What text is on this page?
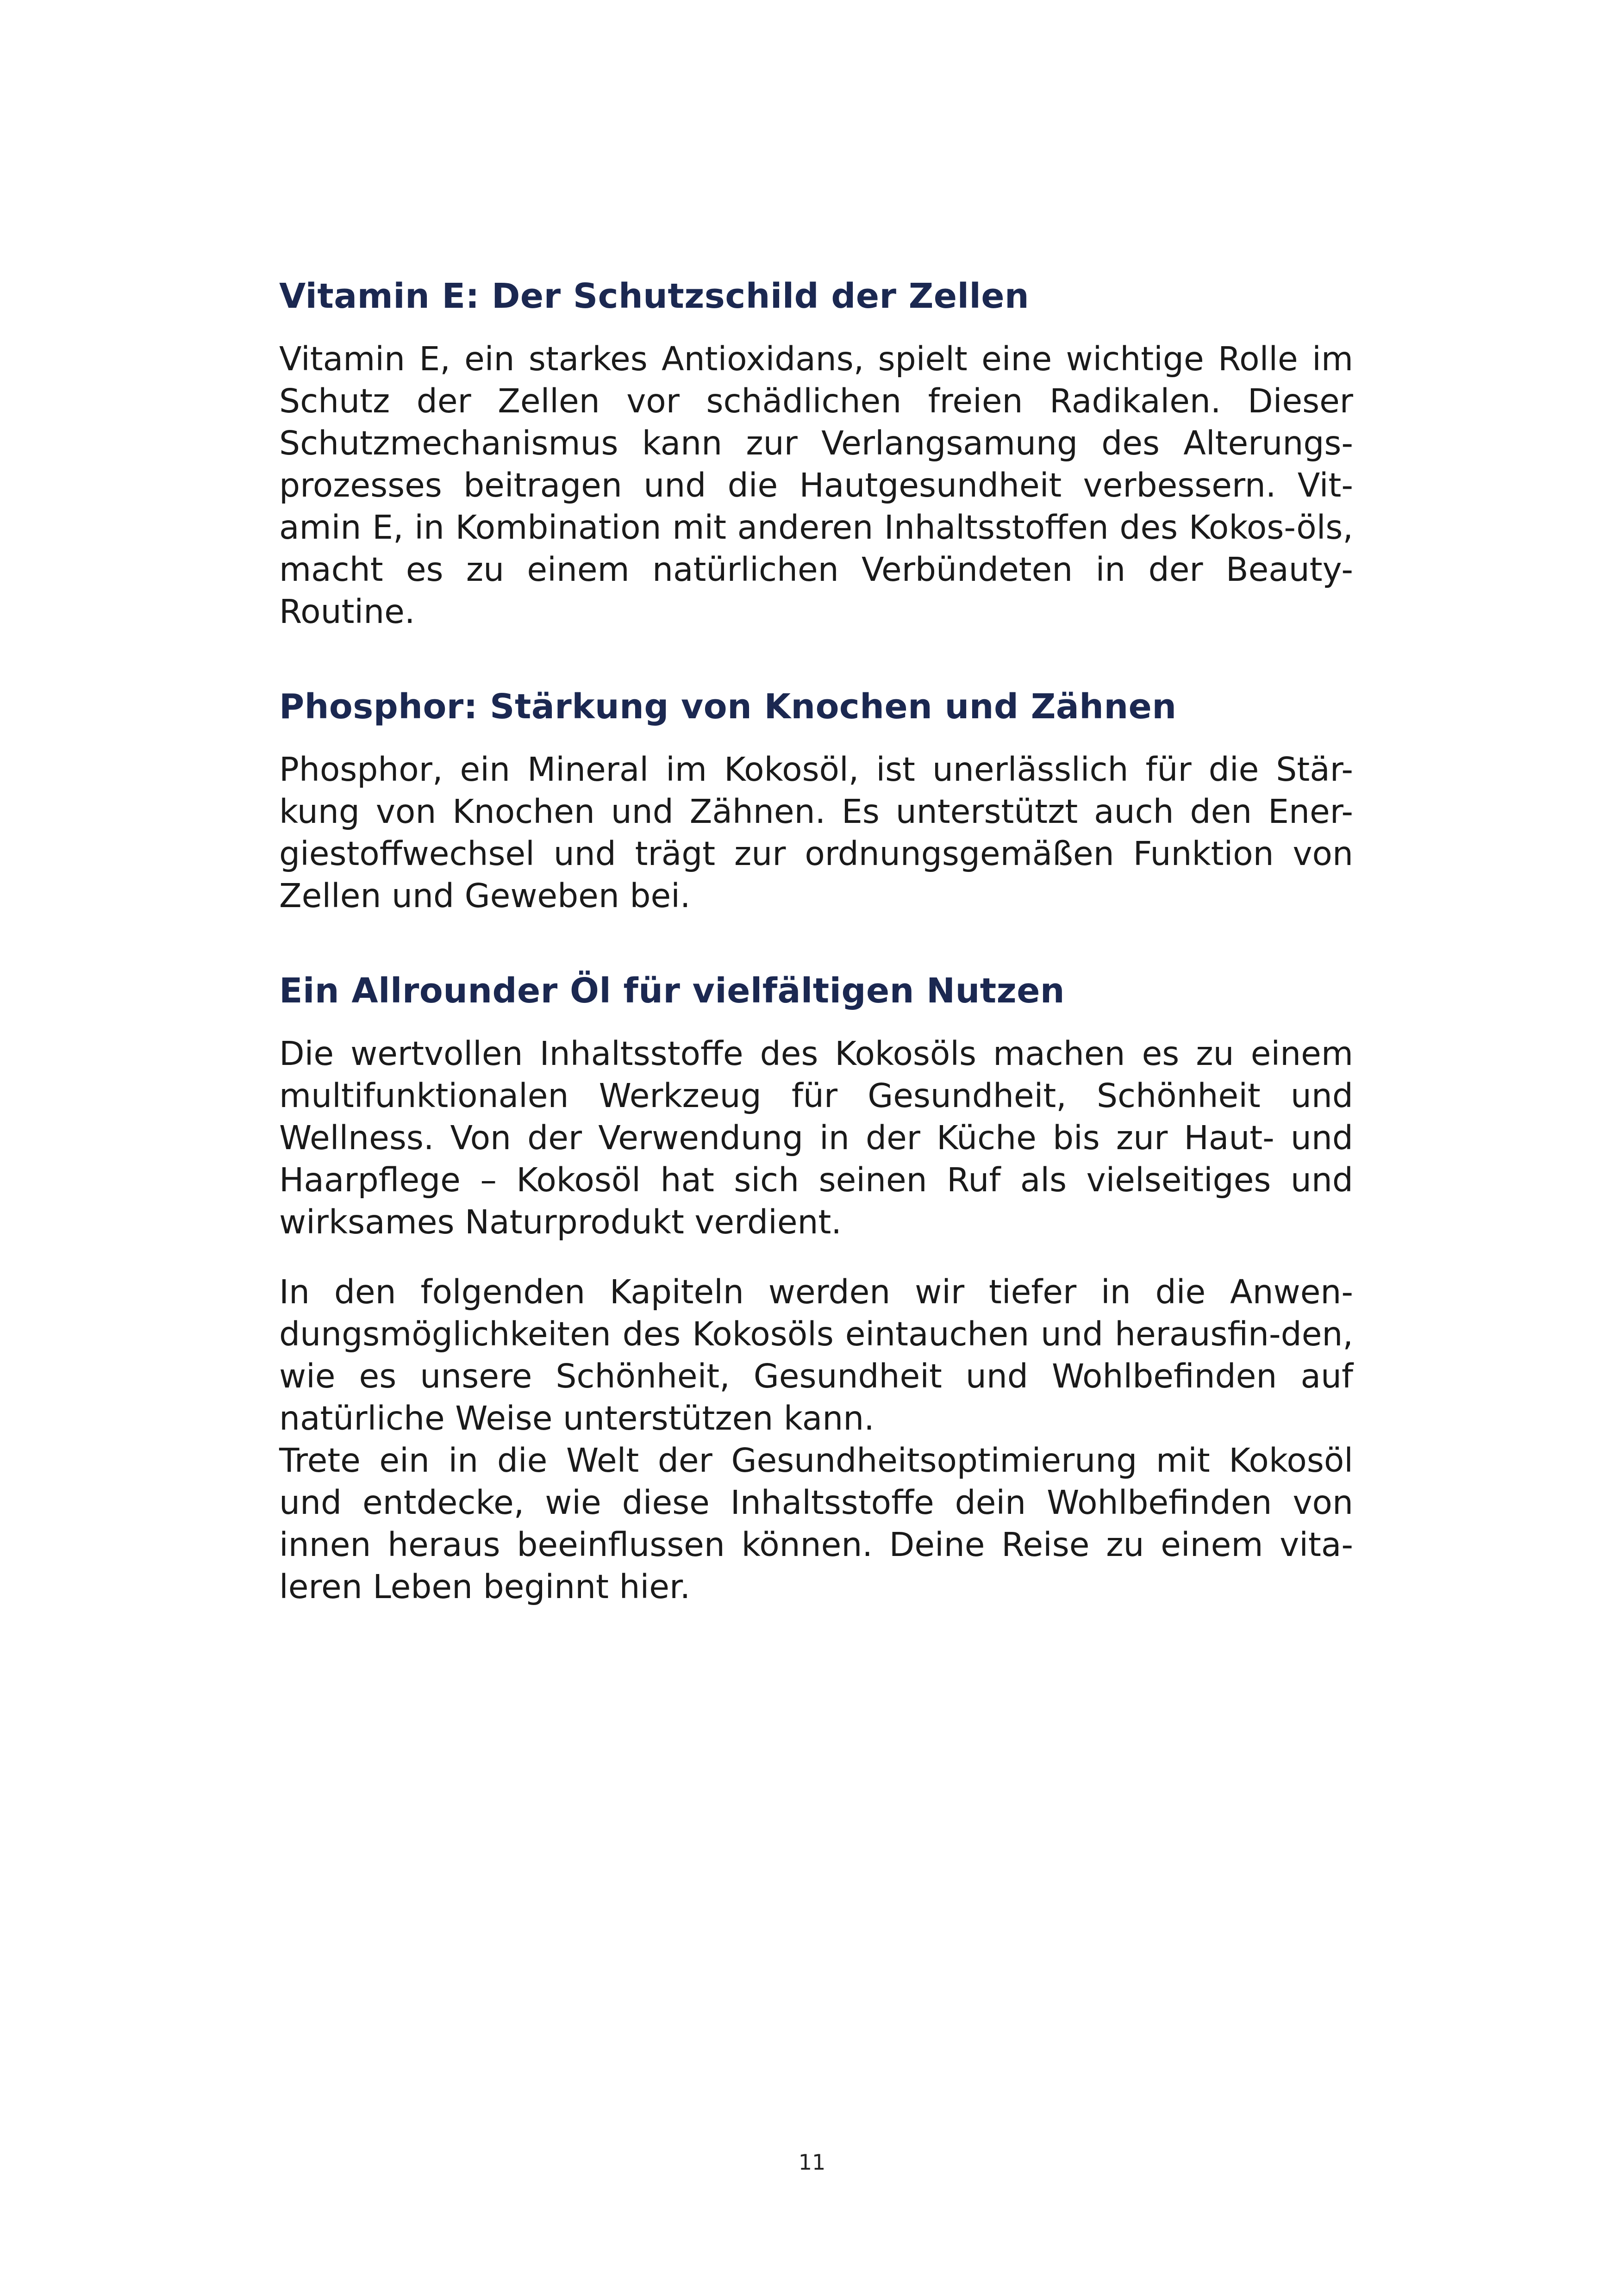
Vitamin E: Der Schutzschild der Zellen

Vitamin E, ein starkes Antioxidans, spielt eine wichtige Rolle im Schutz der Zellen vor schädlichen freien Radikalen. Dieser Schutzmechanismus kann zur Verlangsamung des Alterungs-prozesses beitragen und die Hautgesundheit verbessern. Vit-amin E, in Kombination mit anderen Inhaltsstoffen des Kokos-öls, macht es zu einem natürlichen Verbündeten in der Beauty-Routine.

Phosphor: Stärkung von Knochen und Zähnen

Phosphor, ein Mineral im Kokosöl, ist unerlässlich für die Stär-kung von Knochen und Zähnen. Es unterstützt auch den Ener-giestoffwechsel und trägt zur ordnungsgemäßen Funktion von Zellen und Geweben bei.

Ein Allrounder Öl für vielfältigen Nutzen

Die wertvollen Inhaltsstoffe des Kokosöls machen es zu einem multifunktionalen Werkzeug für Gesundheit, Schönheit und Wellness. Von der Verwendung in der Küche bis zur Haut- und Haarpflege – Kokosöl hat sich seinen Ruf als vielseitiges und wirksames Naturprodukt verdient.

In den folgenden Kapiteln werden wir tiefer in die Anwen-dungsmöglichkeiten des Kokosöls eintauchen und herausfin-den, wie es unsere Schönheit, Gesundheit und Wohlbefinden auf natürliche Weise unterstützen kann.

Trete ein in die Welt der Gesundheitsoptimierung mit Kokosöl und entdecke, wie diese Inhaltsstoffe dein Wohlbefinden von innen heraus beeinflussen können. Deine Reise zu einem vita-leren Leben beginnt hier.

11
